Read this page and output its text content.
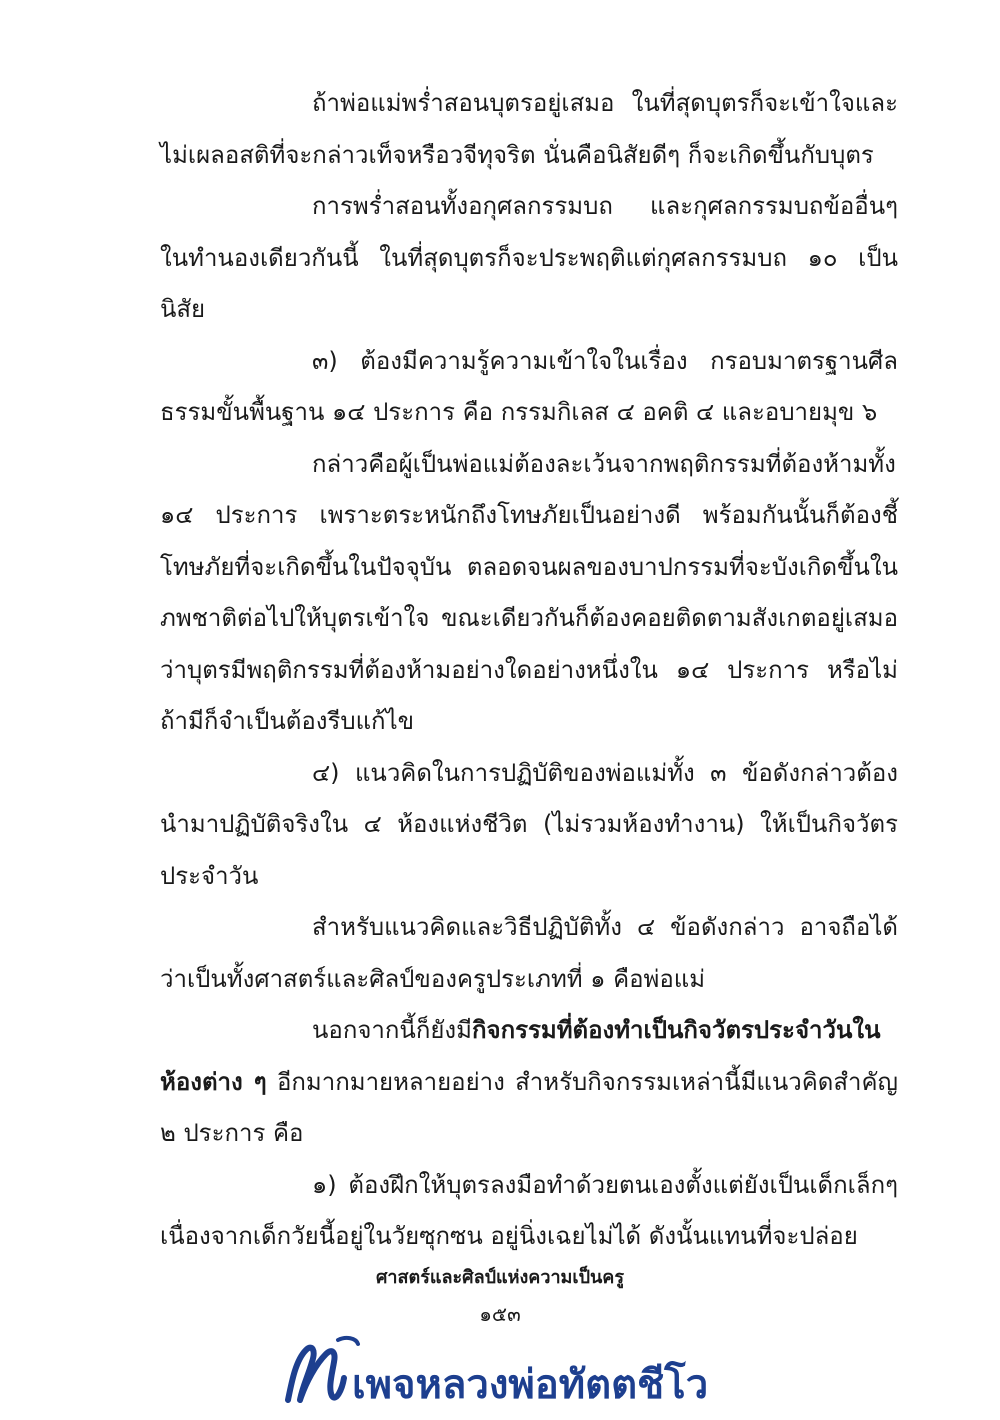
ถ้าพ่อแม่พร่ำสอนบุตรอยู่เสมอ ในที่สุดบุตรก็จะเข้าใจและไม่เผลอสติที่จะกล่าวเท็จหรือวจีทุจริต นั่นคือนิสัยดีๆ ก็จะเกิดขึ้นกับบุตร

การพร่ำสอนทั้งอกุศลกรรมบถ และกุศลกรรมบถข้ออื่นๆ ในทำนองเดียวกันนี้ ในที่สุดบุตรก็จะประพฤติแต่กุศลกรรมบถ ๑๐ เป็นนิสัย

๓) ต้องมีความรู้ความเข้าใจในเรื่อง กรอบมาตรฐานศีลธรรมขั้นพื้นฐาน ๑๔ ประการ คือ กรรมกิเลส ๔ อคติ ๔ และอบายมุข ๖

กล่าวคือผู้เป็นพ่อแม่ต้องละเว้นจากพฤติกรรมที่ต้องห้ามทั้ง ๑๔ ประการ เพราะตระหนักถึงโทษภัยเป็นอย่างดี พร้อมกันนั้นก็ต้องชี้โทษภัยที่จะเกิดขึ้นในปัจจุบัน ตลอดจนผลของบาปกรรมที่จะบังเกิดขึ้นในภพชาติต่อไปให้บุตรเข้าใจ ขณะเดียวกันก็ต้องคอยติดตามสังเกตอยู่เสมอว่าบุตรมีพฤติกรรมที่ต้องห้ามอย่างใดอย่างหนึ่งใน ๑๔ ประการ หรือไม่ ถ้ามีก็จำเป็นต้องรีบแก้ไข

๔) แนวคิดในการปฏิบัติของพ่อแม่ทั้ง ๓ ข้อดังกล่าวต้องนำมาปฏิบัติจริงใน ๔ ห้องแห่งชีวิต (ไม่รวมห้องทำงาน) ให้เป็นกิจวัตรประจำวัน

สำหรับแนวคิดและวิธีปฏิบัติทั้ง ๔ ข้อดังกล่าว อาจถือได้ว่าเป็นทั้งศาสตร์และศิลป์ของครูประเภทที่ ๑ คือพ่อแม่

นอกจากนี้ก็ยังมีกิจกรรมที่ต้องทำเป็นกิจวัตรประจำวันในห้องต่าง ๆ อีกมากมายหลายอย่าง สำหรับกิจกรรมเหล่านี้มีแนวคิดสำคัญ ๒ ประการ คือ

๑) ต้องฝึกให้บุตรลงมือทำด้วยตนเองตั้งแต่ยังเป็นเด็กเล็กๆ เนื่องจากเด็กวัยนี้อยู่ในวัยซุกซน อยู่นิ่งเฉยไม่ได้ ดังนั้นแทนที่จะปล่อย

ศาสตร์และศิลป์แห่งความเป็นครู
๑๕๓
เพจหลวงพ่อทัตตชีโว
